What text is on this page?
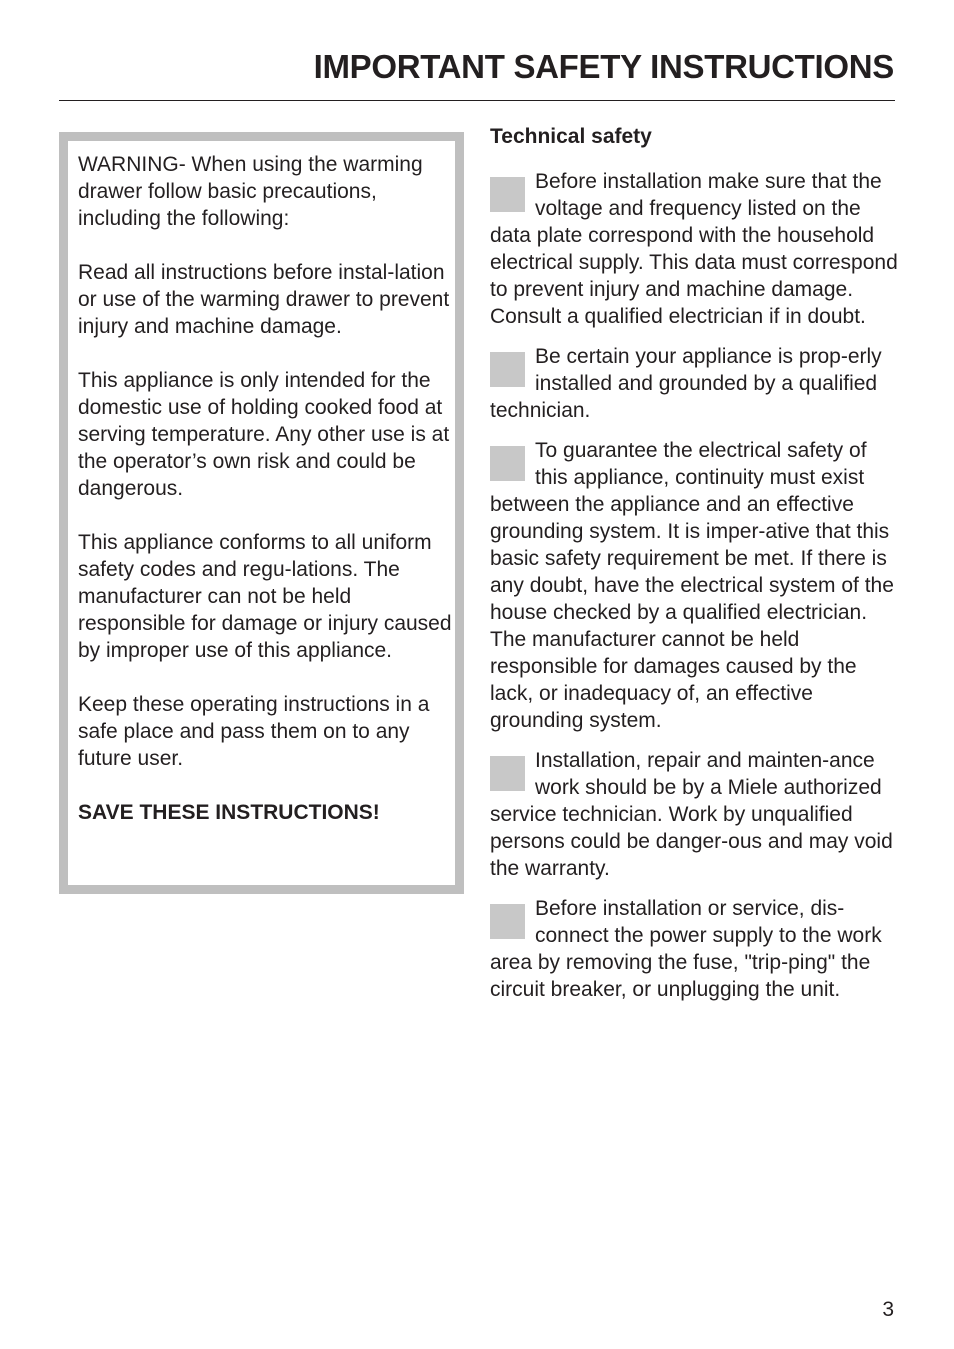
IMPORTANT SAFETY INSTRUCTIONS

WARNING- When using the warming drawer follow basic precautions, including the following:

Read all instructions before instal-lation or use of the warming drawer to prevent injury and machine damage.

This appliance is only intended for the domestic use of holding cooked food at serving temperature. Any other use is at the operator’s own risk and could be dangerous.

This appliance conforms to all uniform safety codes and regu-lations. The manufacturer can not be held responsible for damage or injury caused by improper use of this appliance.

Keep these operating instructions in a safe place and pass them on to any future user.

SAVE THESE INSTRUCTIONS!

Technical safety
Before installation make sure that the voltage and frequency listed on the data plate correspond with the household electrical supply. This data must correspond to prevent injury and machine damage. Consult a qualified electrician if in doubt.
Be certain your appliance is prop-erly installed and grounded by a qualified technician.
To guarantee the electrical safety of this appliance, continuity must exist between the appliance and an effective grounding system. It is imper-ative that this basic safety requirement be met. If there is any doubt, have the electrical system of the house checked by a qualified electrician.
The manufacturer cannot be held responsible for damages caused by the lack, or inadequacy of, an effective grounding system.
Installation, repair and mainten-ance work should be by a Miele authorized service technician. Work by unqualified persons could be danger-ous and may void the warranty.
Before installation or service, dis-connect the power supply to the work area by removing the fuse, "trip-ping" the circuit breaker, or unplugging the unit.
3
